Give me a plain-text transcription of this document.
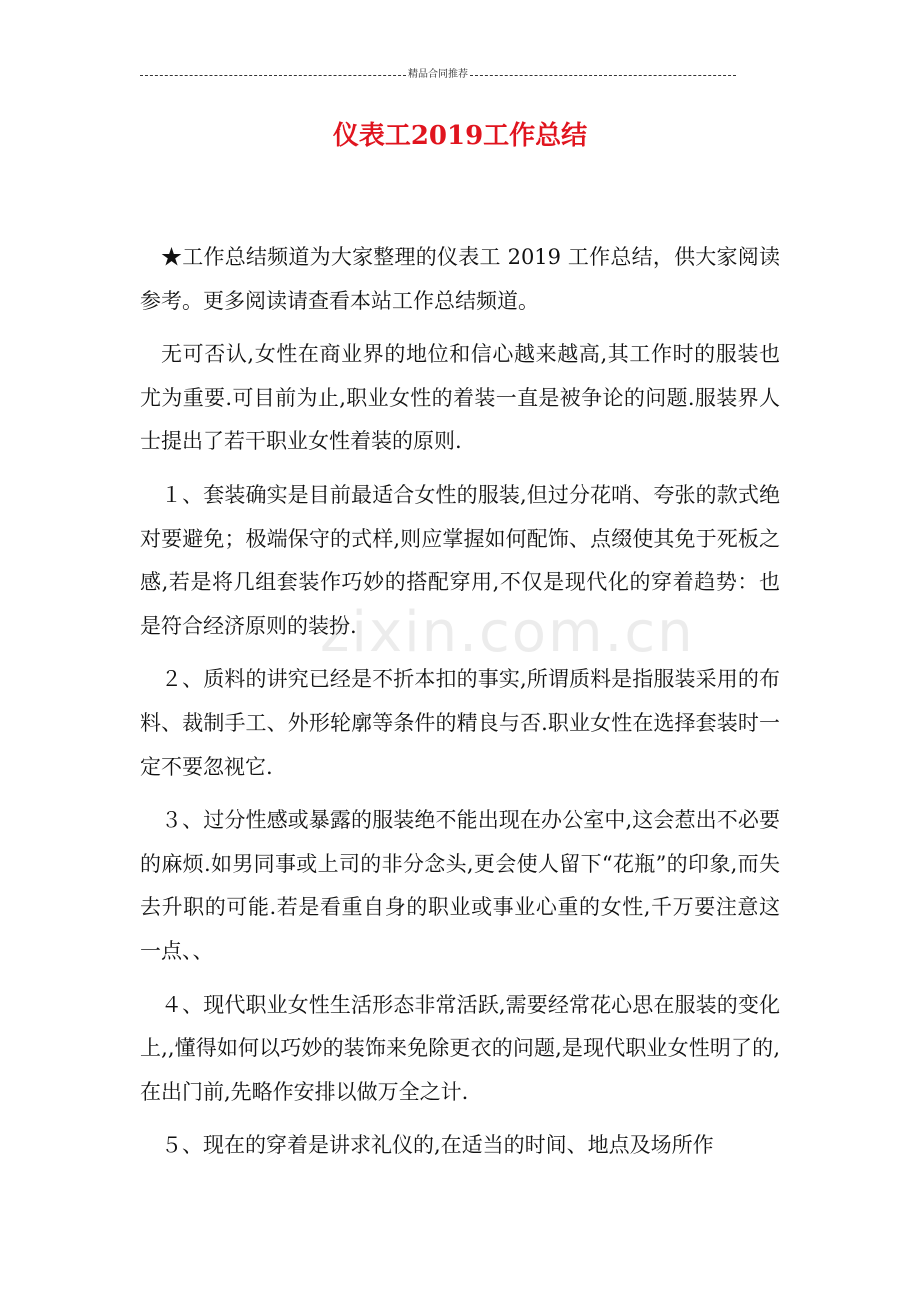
精品合同推荐
仪表工2019工作总结
zixin.com.cn

★工作总结频道为大家整理的仪表工 2019 工作总结，供大家阅读参考。更多阅读请查看本站工作总结频道。

无可否认,女性在商业界的地位和信心越来越高,其工作时的服装也尤为重要.可目前为止,职业女性的着装一直是被争论的问题.服装界人士提出了若干职业女性着装的原则.

１、套装确实是目前最适合女性的服装,但过分花哨、夸张的款式绝对要避免；极端保守的式样,则应掌握如何配饰、点缀使其免于死板之感,若是将几组套装作巧妙的搭配穿用,不仅是现代化的穿着趋势：也是符合经济原则的装扮.

２、质料的讲究已经是不折本扣的事实,所谓质料是指服装采用的布料、裁制手工、外形轮廓等条件的精良与否.职业女性在选择套装时一定不要忽视它.

３、过分性感或暴露的服装绝不能出现在办公室中,这会惹出不必要的麻烦.如男同事或上司的非分念头,更会使人留下“花瓶”的印象,而失去升职的可能.若是看重自身的职业或事业心重的女性,千万要注意这一点、、

４、现代职业女性生活形态非常活跃,需要经常花心思在服装的变化上,,懂得如何以巧妙的装饰来免除更衣的问题,是现代职业女性明了的,在出门前,先略作安排以做万全之计.

５、现在的穿着是讲求礼仪的,在适当的时间、地点及场所作
